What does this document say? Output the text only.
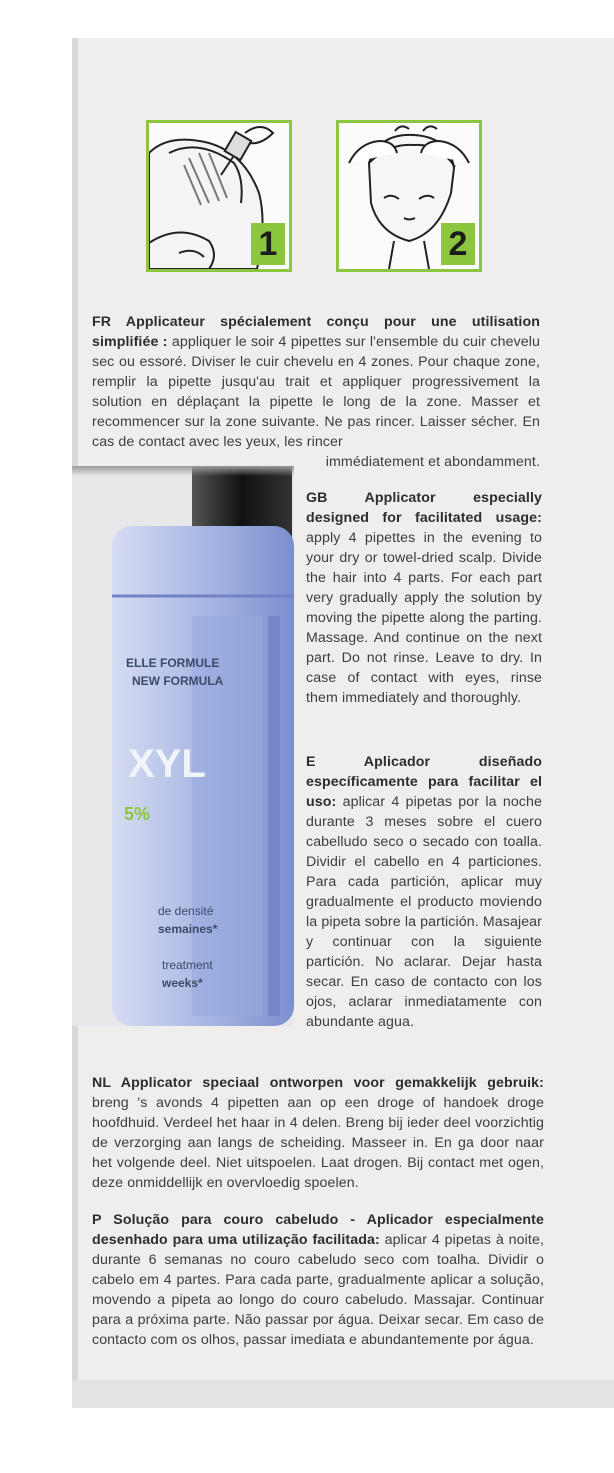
1	2
FR Applicateur spécialement conçu pour une utilisation simplifiée : appliquer le soir 4 pipettes sur l'ensemble du cuir chevelu sec ou essoré. Diviser le cuir chevelu en 4 zones. Pour chaque zone, remplir la pipette jusqu'au trait et appliquer progressivement la solution en déplaçant la pipette le long de la zone. Masser et recommencer sur la zone suivante. Ne pas rincer. Laisser sécher. En cas de contact avec les yeux, les rincer
immédiatement et abondamment.
ELLE FORMULE
NEW FORMULA
XYL
5%
de densité
semaines*
treatment
weeks*
GB Applicator especially designed for facilitated usage: apply 4 pipettes in the evening to your dry or towel-dried scalp. Divide the hair into 4 parts. For each part very gradually apply the solution by moving the pipette along the parting. Massage. And continue on the next part. Do not rinse. Leave to dry. In case of contact with eyes, rinse them immediately and thoroughly.
E Aplicador diseñado específicamente para facilitar el uso: aplicar 4 pipetas por la noche durante 3 meses sobre el cuero cabelludo seco o secado con toalla. Dividir el cabello en 4 particiones. Para cada partición, aplicar muy gradualmente el producto moviendo la pipeta sobre la partición. Masajear y continuar con la siguiente partición. No aclarar. Dejar hasta secar. En caso de contacto con los ojos, aclarar inmediatamente con abundante agua.
NL Applicator speciaal ontworpen voor gemakkelijk gebruik: breng 's avonds 4 pipetten aan op een droge of handoek droge hoofdhuid. Verdeel het haar in 4 delen. Breng bij ieder deel voorzichtig de verzorging aan langs de scheiding. Masseer in. En ga door naar het volgende deel. Niet uitspoelen. Laat drogen. Bij contact met ogen, deze onmiddellijk en overvloedig spoelen.
P Solução para couro cabeludo - Aplicador especialmente desenhado para uma utilização facilitada: aplicar 4 pipetas à noite, durante 6 semanas no couro cabeludo seco com toalha. Dividir o cabelo em 4 partes. Para cada parte, gradualmente aplicar a solução, movendo a pipeta ao longo do couro cabeludo. Massajar. Continuar para a próxima parte. Não passar por água. Deixar secar. Em caso de contacto com os olhos, passar imediata e abundantemente por água.
